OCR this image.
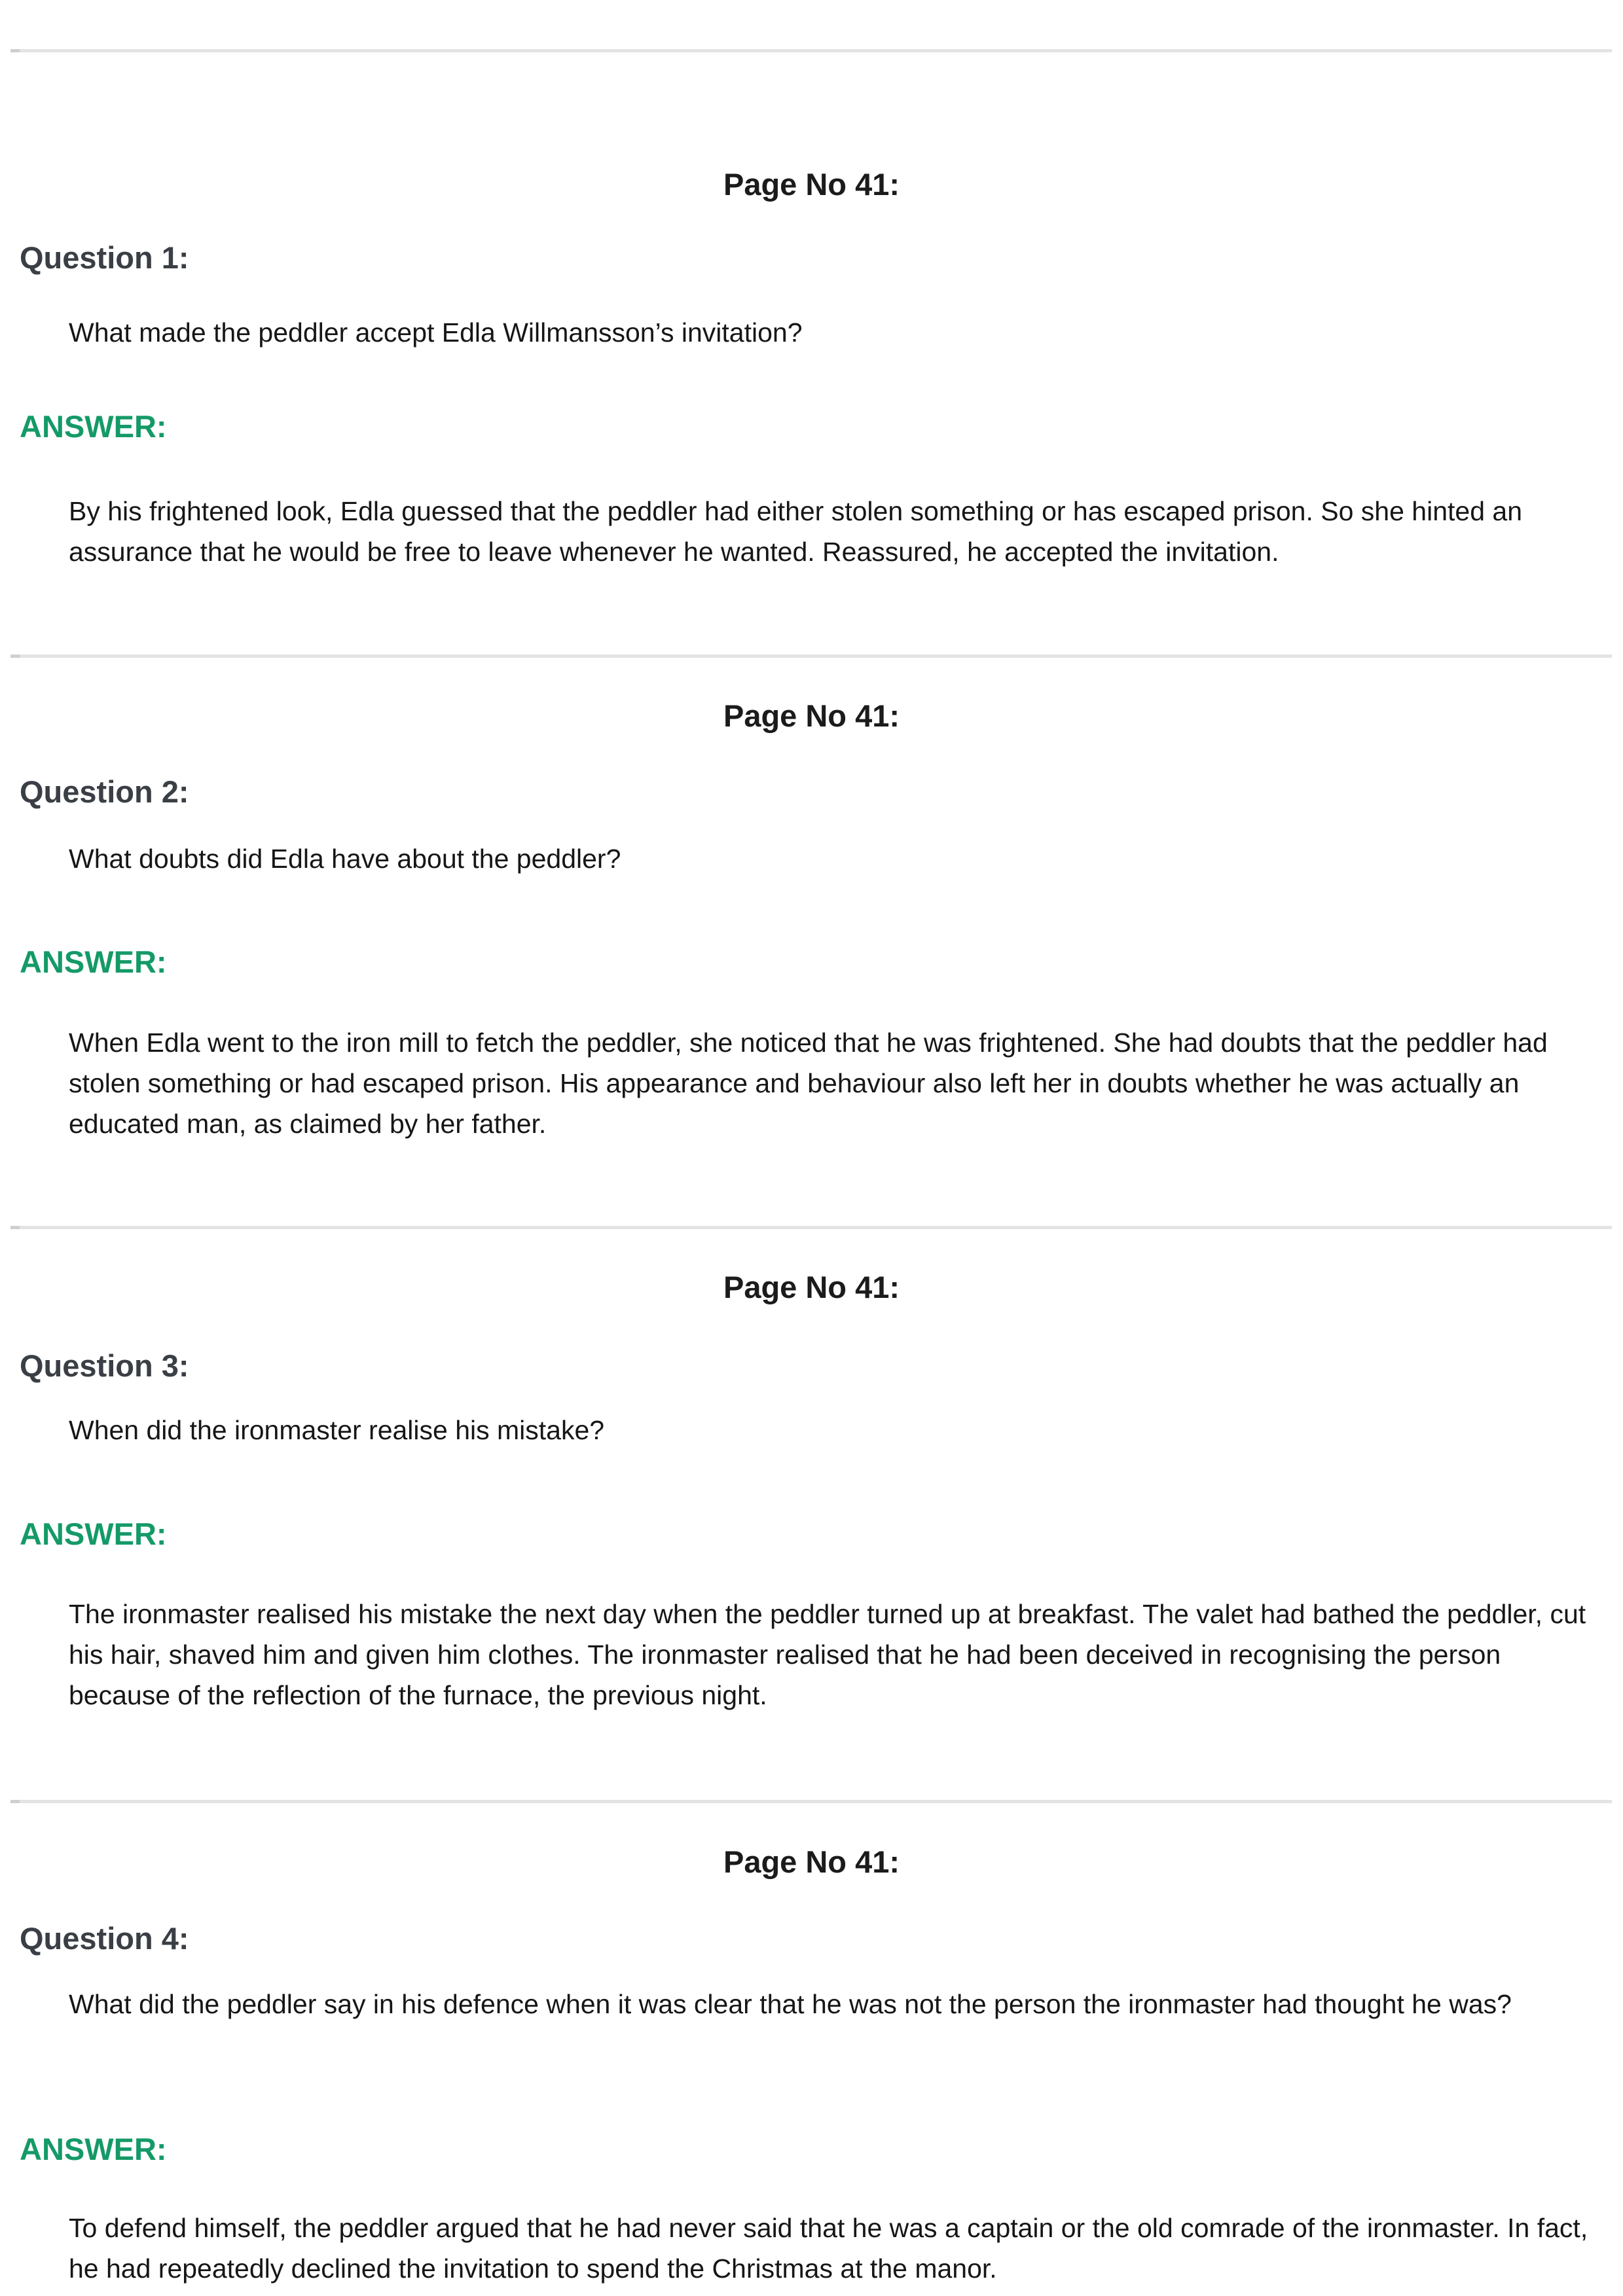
Page No 41:
Question 1:
What made the peddler accept Edla Willmansson’s invitation?
ANSWER:
By his frightened look, Edla guessed that the peddler had either stolen something or has escaped prison. So she hinted an assurance that he would be free to leave whenever he wanted. Reassured, he accepted the invitation.
Page No 41:
Question 2:
What doubts did Edla have about the peddler?
ANSWER:
When Edla went to the iron mill to fetch the peddler, she noticed that he was frightened. She had doubts that the peddler had stolen something or had escaped prison. His appearance and behaviour also left her in doubts whether he was actually an educated man, as claimed by her father.
Page No 41:
Question 3:
When did the ironmaster realise his mistake?
ANSWER:
The ironmaster realised his mistake the next day when the peddler turned up at breakfast. The valet had bathed the peddler, cut his hair, shaved him and given him clothes. The ironmaster realised that he had been deceived in recognising the person because of the reflection of the furnace, the previous night.
Page No 41:
Question 4:
What did the peddler say in his defence when it was clear that he was not the person the ironmaster had thought he was?
ANSWER:
To defend himself, the peddler argued that he had never said that he was a captain or the old comrade of the ironmaster. In fact, he had repeatedly declined the invitation to spend the Christmas at the manor.
